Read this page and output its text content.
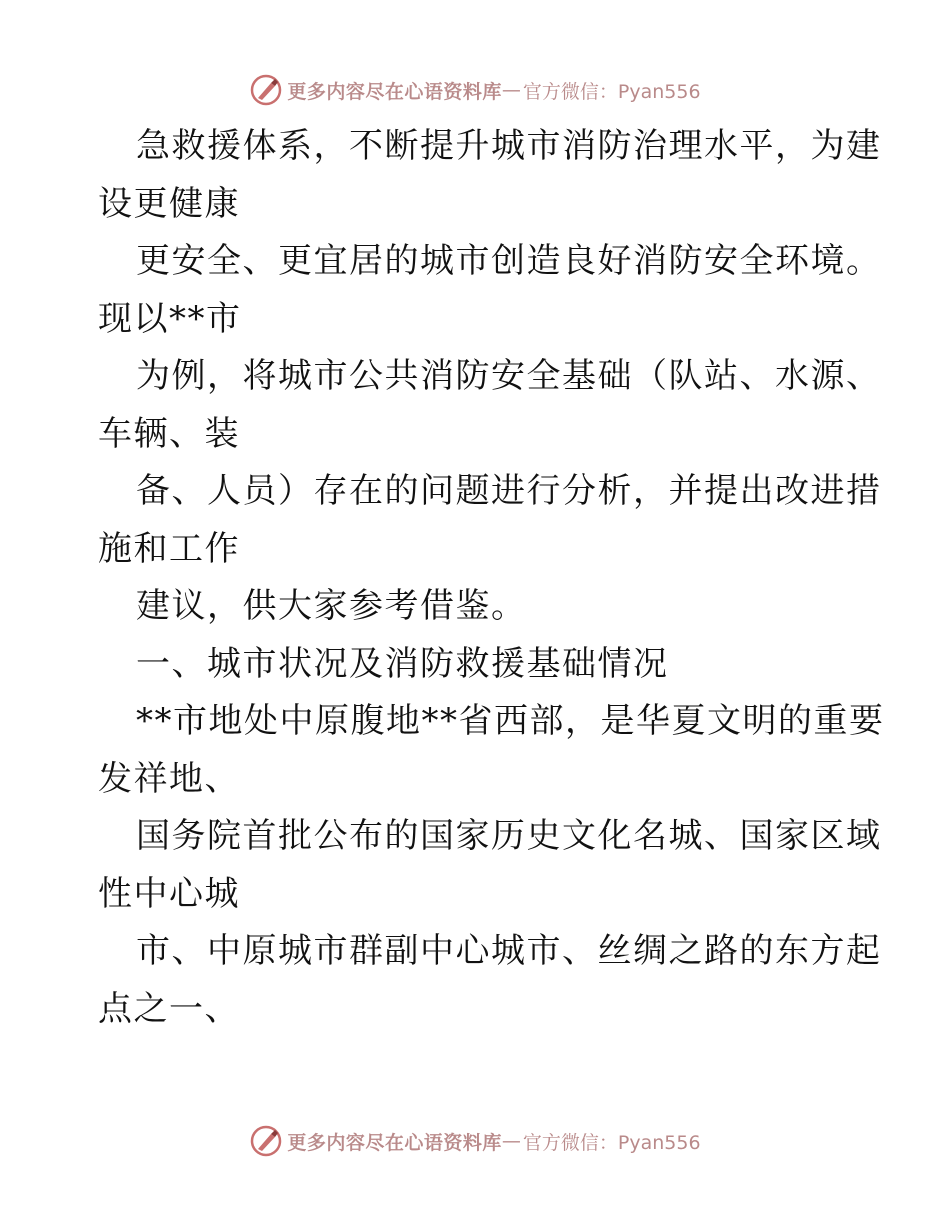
更多内容尽在心语资料库 — 官方微信：Pyan556
急救援体系，不断提升城市消防治理水平，为建
设更健康
更安全、更宜居的城市创造良好消防安全环境。
现以**市
为例，将城市公共消防安全基础（队站、水源、
车辆、装
备、人员）存在的问题进行分析，并提出改进措
施和工作
建议，供大家参考借鉴。
一、城市状况及消防救援基础情况
**市地处中原腹地**省西部，是华夏文明的重要
发祥地、
国务院首批公布的国家历史文化名城、国家区域
性中心城
市、中原城市群副中心城市、丝绸之路的东方起
点之一、
更多内容尽在心语资料库 — 官方微信：Pyan556
